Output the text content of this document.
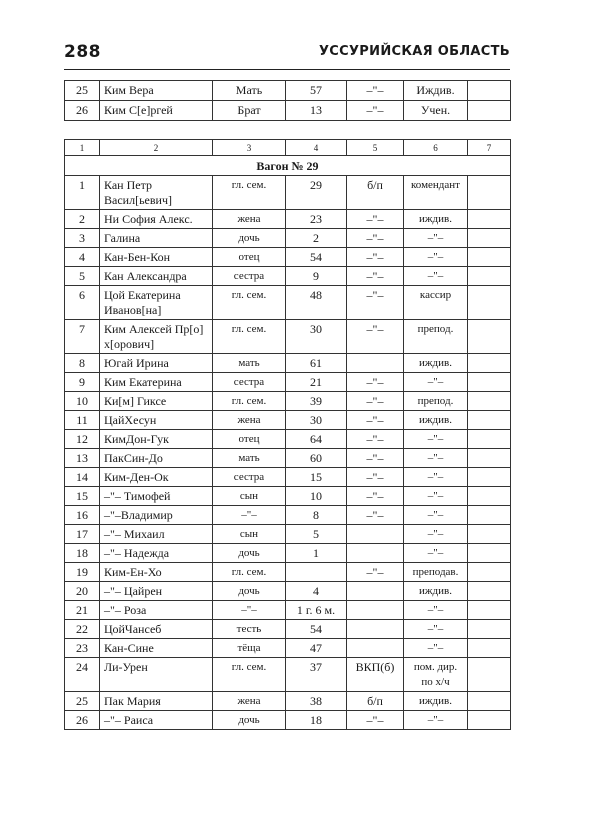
288	УССУРИЙСКАЯ ОБЛАСТЬ
25	Ким Вера	Мать	57	–"–	Иждив.	
26	Ким С[е]ргей	Брат	13	–"–	Учен.	
1	2	3	4	5	6	7
Вагон № 29						
1	Кан Петр Васил[ьевич]	гл. сем.	29	б/п	комендант	
2	Ни София Алекс.	жена	23	–"–	иждив.	
3	Галина	дочь	2	–"–	–"–	
4	Кан-Бен-Кон	отец	54	–"–	–"–	
5	Кан Александра	сестра	9	–"–	–"–	
6	Цой Екатерина Иванов[на]	гл. сем.	48	–"–	кассир	
7	Ким Алексей Пр[о] х[орович]	гл. сем.	30	–"–	препод.	
8	Югай Ирина	мать	61		иждив.	
9	Ким Екатерина	сестра	21	–"–	–"–	
10	Ки[м] Гиксе	гл. сем.	39	–"–	препод.	
11	ЦайХесун	жена	30	–"–	иждив.	
12	КимДон-Гук	отец	64	–"–	–"–	
13	ПакСин-До	мать	60	–"–	–"–	
14	Ким-Ден-Ок	сестра	15	–"–	–"–	
15	–"– Тимофей	сын	10	–"–	–"–	
16	–"–Владимир	–"–	8	–"–	–"–	
17	–"– Михаил	сын	5		–"–	
18	–"– Надежда	дочь	1		–"–	
19	Ким-Ен-Хо	гл. сем.		–"–	преподав.	
20	–"– Цайрен	дочь	4		иждив.	
21	–"– Роза	–"–	1 г. 6 м.		–"–	
22	ЦойЧансеб	тесть	54		–"–	
23	Кан-Сине	тёща	47		–"–	
24	Ли-Урен	гл. сем.	37	ВКП(б)	пом. дир. по х/ч	
25	Пак Мария	жена	38	б/п	иждив.	
26	–"– Раиса	дочь	18	–"–	–"–	
